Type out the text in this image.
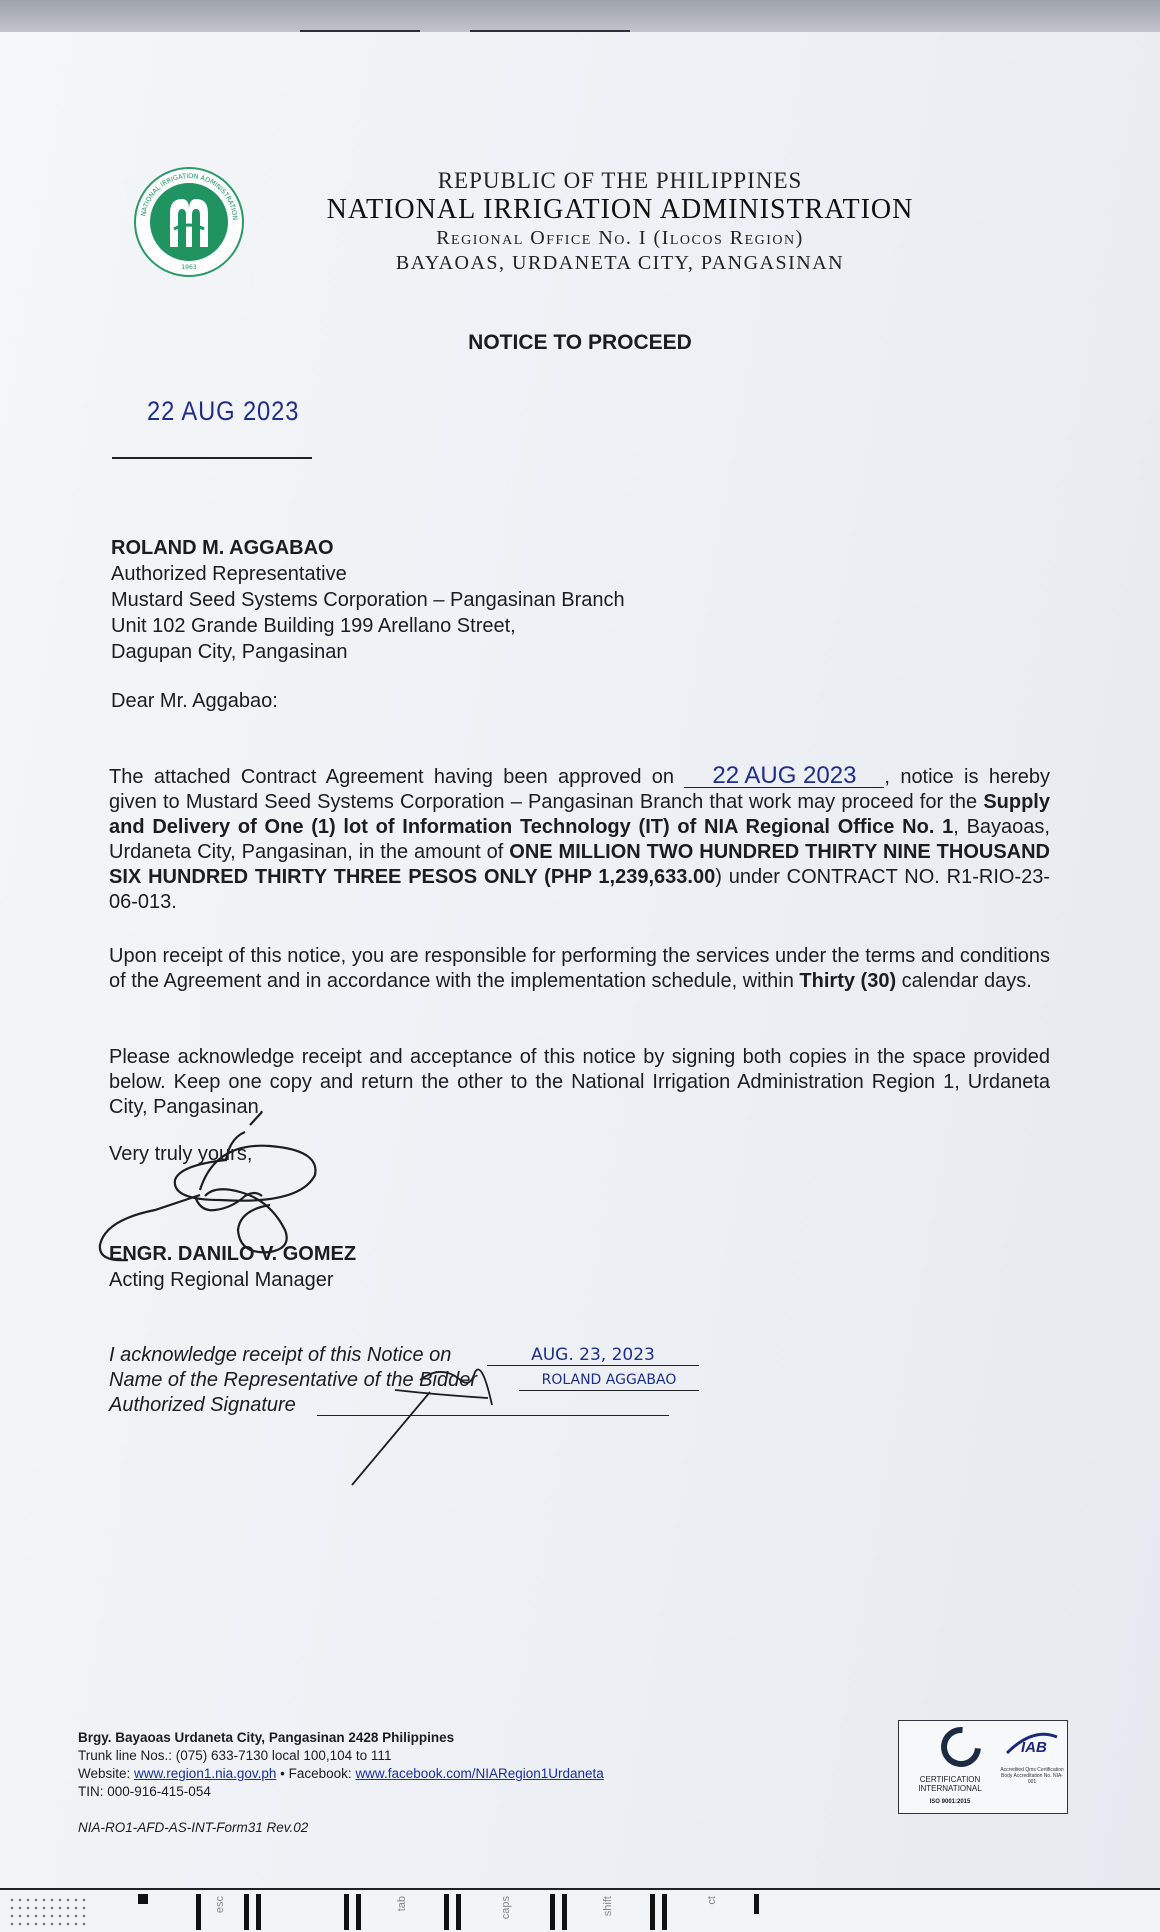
NATIONAL IRRIGATION ADMINISTRATION
1963
REPUBLIC OF THE PHILIPPINES
NATIONAL IRRIGATION ADMINISTRATION
Regional Office No. I (Ilocos Region)
BAYAOAS, URDANETA CITY, PANGASINAN
NOTICE TO PROCEED
22 AUG 2023
ROLAND M. AGGABAO
Authorized Representative
Mustard Seed Systems Corporation – Pangasinan Branch
Unit 102 Grande Building 199 Arellano Street,
Dagupan City, Pangasinan
Dear Mr. Aggabao:
The attached Contract Agreement having been approved on 22 AUG 2023 , notice is hereby given to Mustard Seed Systems Corporation – Pangasinan Branch that work may proceed for the Supply and Delivery of One (1) lot of Information Technology (IT) of NIA Regional Office No. 1, Bayaoas, Urdaneta City, Pangasinan, in the amount of ONE MILLION TWO HUNDRED THIRTY NINE THOUSAND SIX HUNDRED THIRTY THREE PESOS ONLY (PHP 1,239,633.00) under CONTRACT NO. R1-RIO-23-06-013.
Upon receipt of this notice, you are responsible for performing the services under the terms and conditions of the Agreement and in accordance with the implementation schedule, within Thirty (30) calendar days.
Please acknowledge receipt and acceptance of this notice by signing both copies in the space provided below. Keep one copy and return the other to the National Irrigation Administration Region 1, Urdaneta City, Pangasinan.
Very truly yours,
ENGR. DANILO V. GOMEZ
Acting Regional Manager
I acknowledge receipt of this Notice on	AUG. 23, 2023
Name of the Representative of the Bidder	ROLAND AGGABAO
Authorized Signature
Brgy. Bayaoas Urdaneta City, Pangasinan 2428 Philippines
Trunk line Nos.: (075) 633-7130 local 100,104 to 111
Website: www.region1.nia.gov.ph • Facebook: www.facebook.com/NIARegion1Urdaneta
TIN: 000-916-415-054
NIA-RO1-AFD-AS-INT-Form31 Rev.02
CERTIFICATION INTERNATIONAL
ISO 9001:2015
IAB
Accredited Qms Certification Body Accreditation No. NIA-001
esc	tab	caps	shift	ct
